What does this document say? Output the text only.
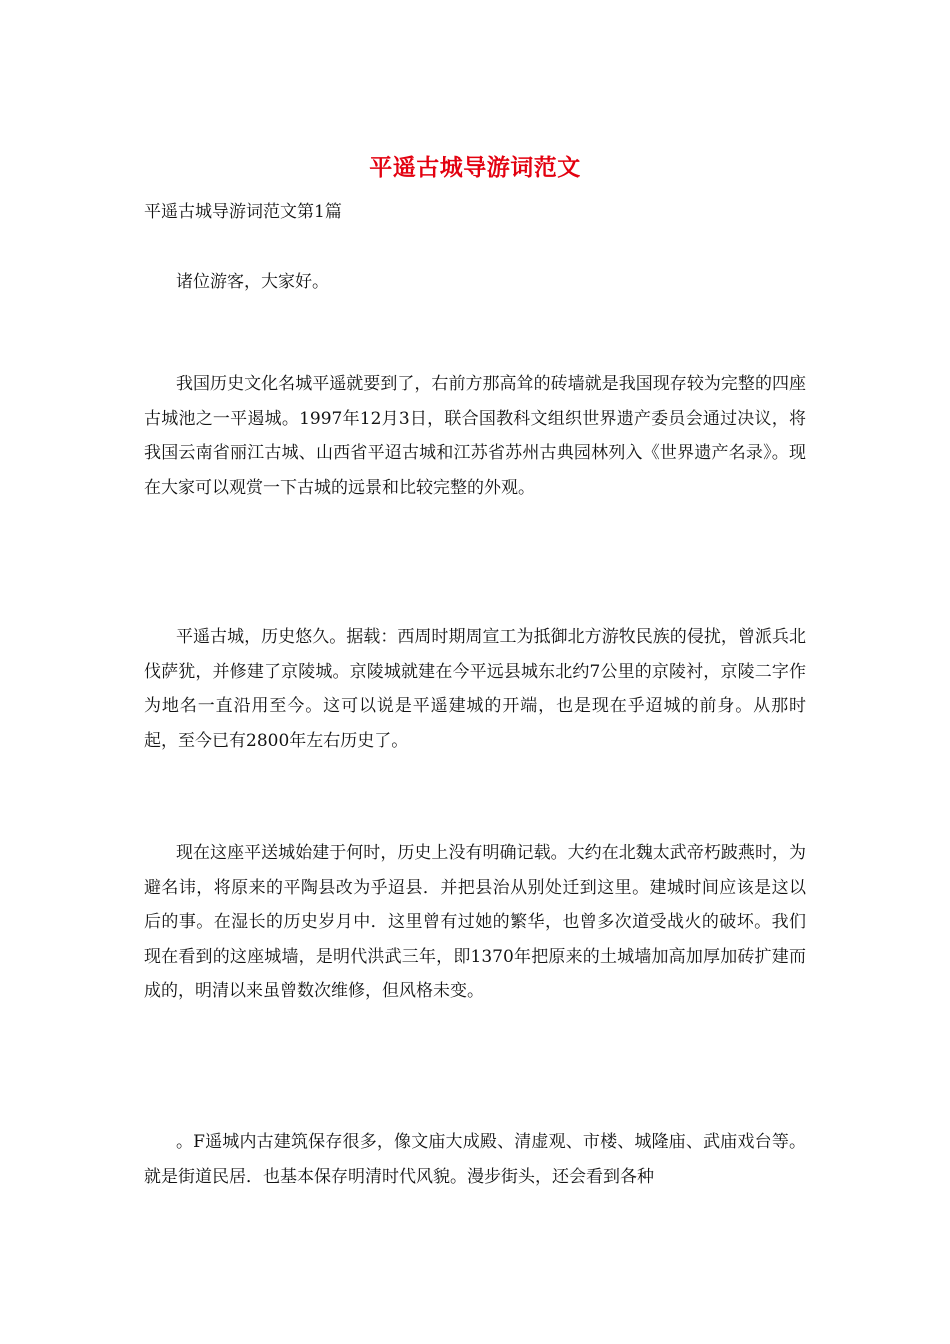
平遥古城导游词范文
平遥古城导游词范文第1篇

诸位游客，大家好。

我国历史文化名城平遥就要到了，右前方那高耸的砖墙就是我国现存较为完整的四座古城池之一平遏城。1997年12月3日，联合国教科文组织世界遗产委员会通过决议，将我国云南省丽江古城、山西省平迢古城和江苏省苏州古典园林列入《世界遗产名录》。现在大家可以观赏一下古城的远景和比较完整的外观。

平遥古城，历史悠久。据载：西周时期周宣工为抵御北方游牧民族的侵扰，曾派兵北伐萨犹，并修建了京陵城。京陵城就建在今平远县城东北约7公里的京陵衬，京陵二字作为地名一直沿用至今。这可以说是平遥建城的开端，也是现在乎迢城的前身。从那时起，至今已有2800年左右历史了。

现在这座平送城始建于何时，历史上没有明确记载。大约在北魏太武帝朽跛燕时，为避名讳，将原来的平陶县改为乎迢县．并把县治从别处迁到这里。建城时间应该是这以后的事。在湿长的历史岁月中．这里曾有过她的繁华，也曾多次道受战火的破坏。我们现在看到的这座城墙，是明代洪武三年，即1370年把原来的土城墙加高加厚加砖扩建而成的，明清以来虽曾数次维修，但风格未变。

。F遥城内古建筑保存很多，像文庙大成殿、清虚观、市楼、城隆庙、武庙戏台等。就是街道民居．也基本保存明清时代风貌。漫步街头，还会看到各种
